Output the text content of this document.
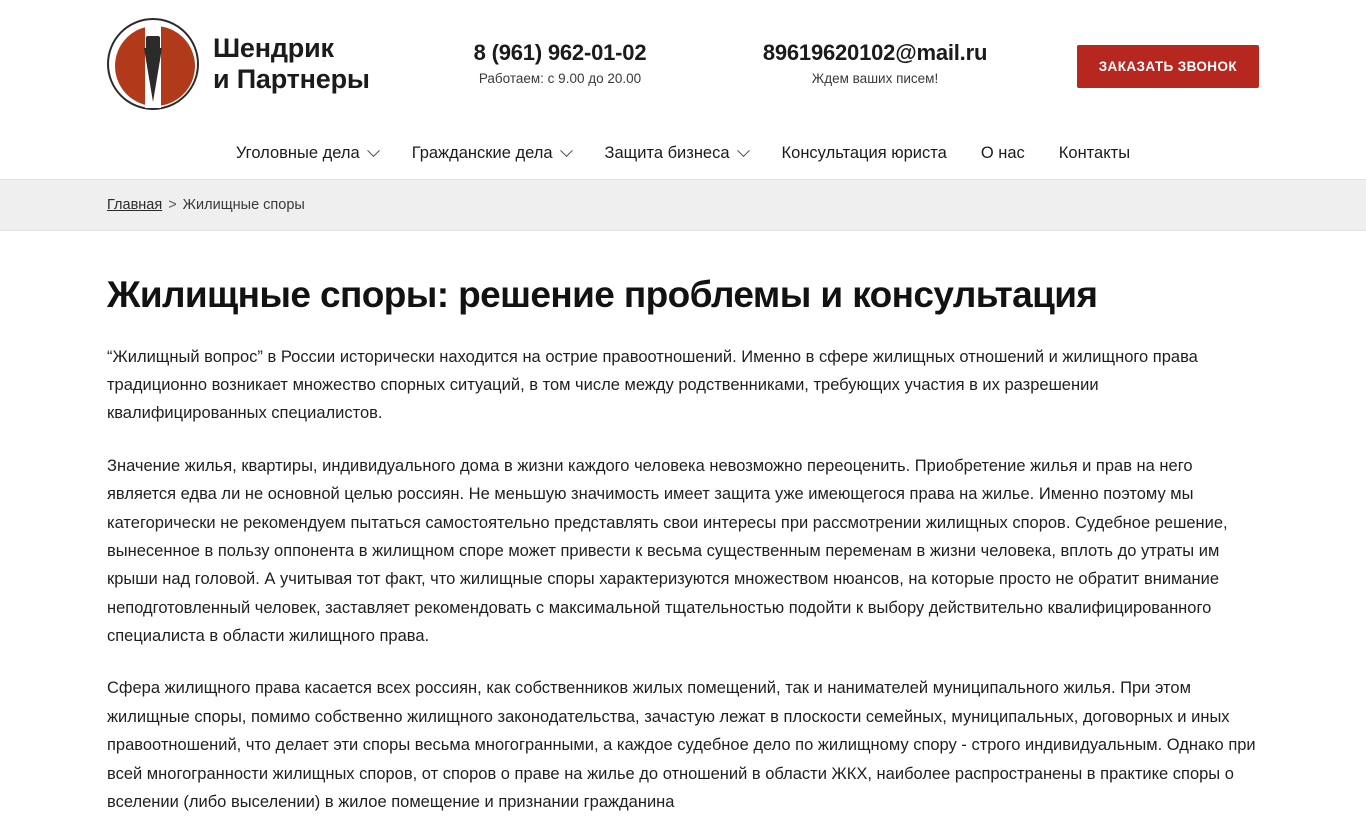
Шендрик
и Партнеры
8 (961) 962-01-02
Работаем: с 9.00 до 20.00
89619620102@mail.ru
Ждем ваших писем!
ЗАКАЗАТЬ ЗВОНОК
Уголовные дела	Гражданские дела	Защита бизнеса	Консультация юриста О нас Контакты
Главная > Жилищные споры
Жилищные споры: решение проблемы и консультация

“Жилищный вопрос” в России исторически находится на острие правоотношений. Именно в сфере жилищных отношений и жилищного права традиционно возникает множество спорных ситуаций, в том числе между родственниками, требующих участия в их разрешении квалифицированных специалистов.

Значение жилья, квартиры, индивидуального дома в жизни каждого человека невозможно переоценить. Приобретение жилья и прав на него является едва ли не основной целью россиян. Не меньшую значимость имеет защита уже имеющегося права на жилье. Именно поэтому мы категорически не рекомендуем пытаться самостоятельно представлять свои интересы при рассмотрении жилищных споров. Судебное решение, вынесенное в пользу оппонента в жилищном споре может привести к весьма существенным переменам в жизни человека, вплоть до утраты им крыши над головой. А учитывая тот факт, что жилищные споры характеризуются множеством нюансов, на которые просто не обратит внимание неподготовленный человек, заставляет рекомендовать с максимальной тщательностью подойти к выбору действительно квалифицированного специалиста в области жилищного права.

Сфера жилищного права касается всех россиян, как собственников жилых помещений, так и нанимателей муниципального жилья. При этом жилищные споры, помимо собственно жилищного законодательства, зачастую лежат в плоскости семейных, муниципальных, договорных и иных правоотношений, что делает эти споры весьма многогранными, а каждое судебное дело по жилищному спору - строго индивидуальным. Однако при всей многогранности жилищных споров, от споров о праве на жилье до отношений в области ЖКХ, наиболее распространены в практике споры о вселении (либо выселении) в жилое помещение и признании гражданина
